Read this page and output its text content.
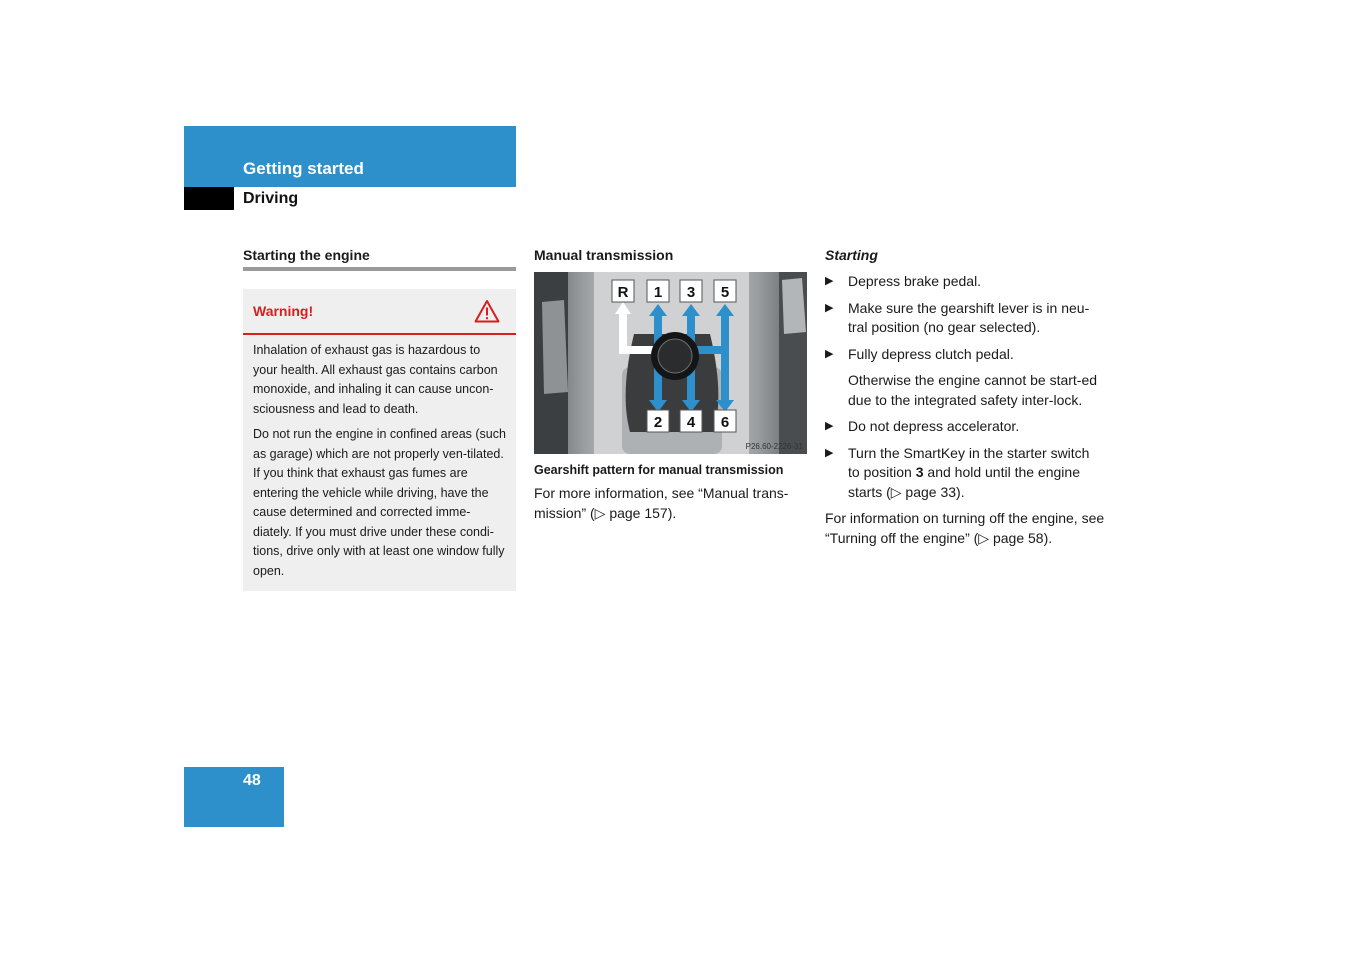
Getting started
Driving
Starting the engine
Warning!

Inhalation of exhaust gas is hazardous to your health. All exhaust gas contains carbon monoxide, and inhaling it can cause uncon-sciousness and lead to death.

Do not run the engine in confined areas (such as garage) which are not properly ven-tilated. If you think that exhaust gas fumes are entering the vehicle while driving, have the cause determined and corrected imme-diately. If you must drive under these condi-tions, drive only with at least one window fully open.

Manual transmission
R 1 3 5
2 4 6
P26.60-2226-31
Gearshift pattern for manual transmission

For more information, see “Manual trans-mission” (▷ page 157).

Starting
▶ Depress brake pedal.
▶ Make sure the gearshift lever is in neu-tral position (no gear selected).
▶ Fully depress clutch pedal.

Otherwise the engine cannot be start-ed due to the integrated safety inter-lock.

▶ Do not depress accelerator.
▶ Turn the SmartKey in the starter switch to position 3 and hold until the engine starts (▷ page 33).

For information on turning off the engine, see “Turning off the engine” (▷ page 58).

48
